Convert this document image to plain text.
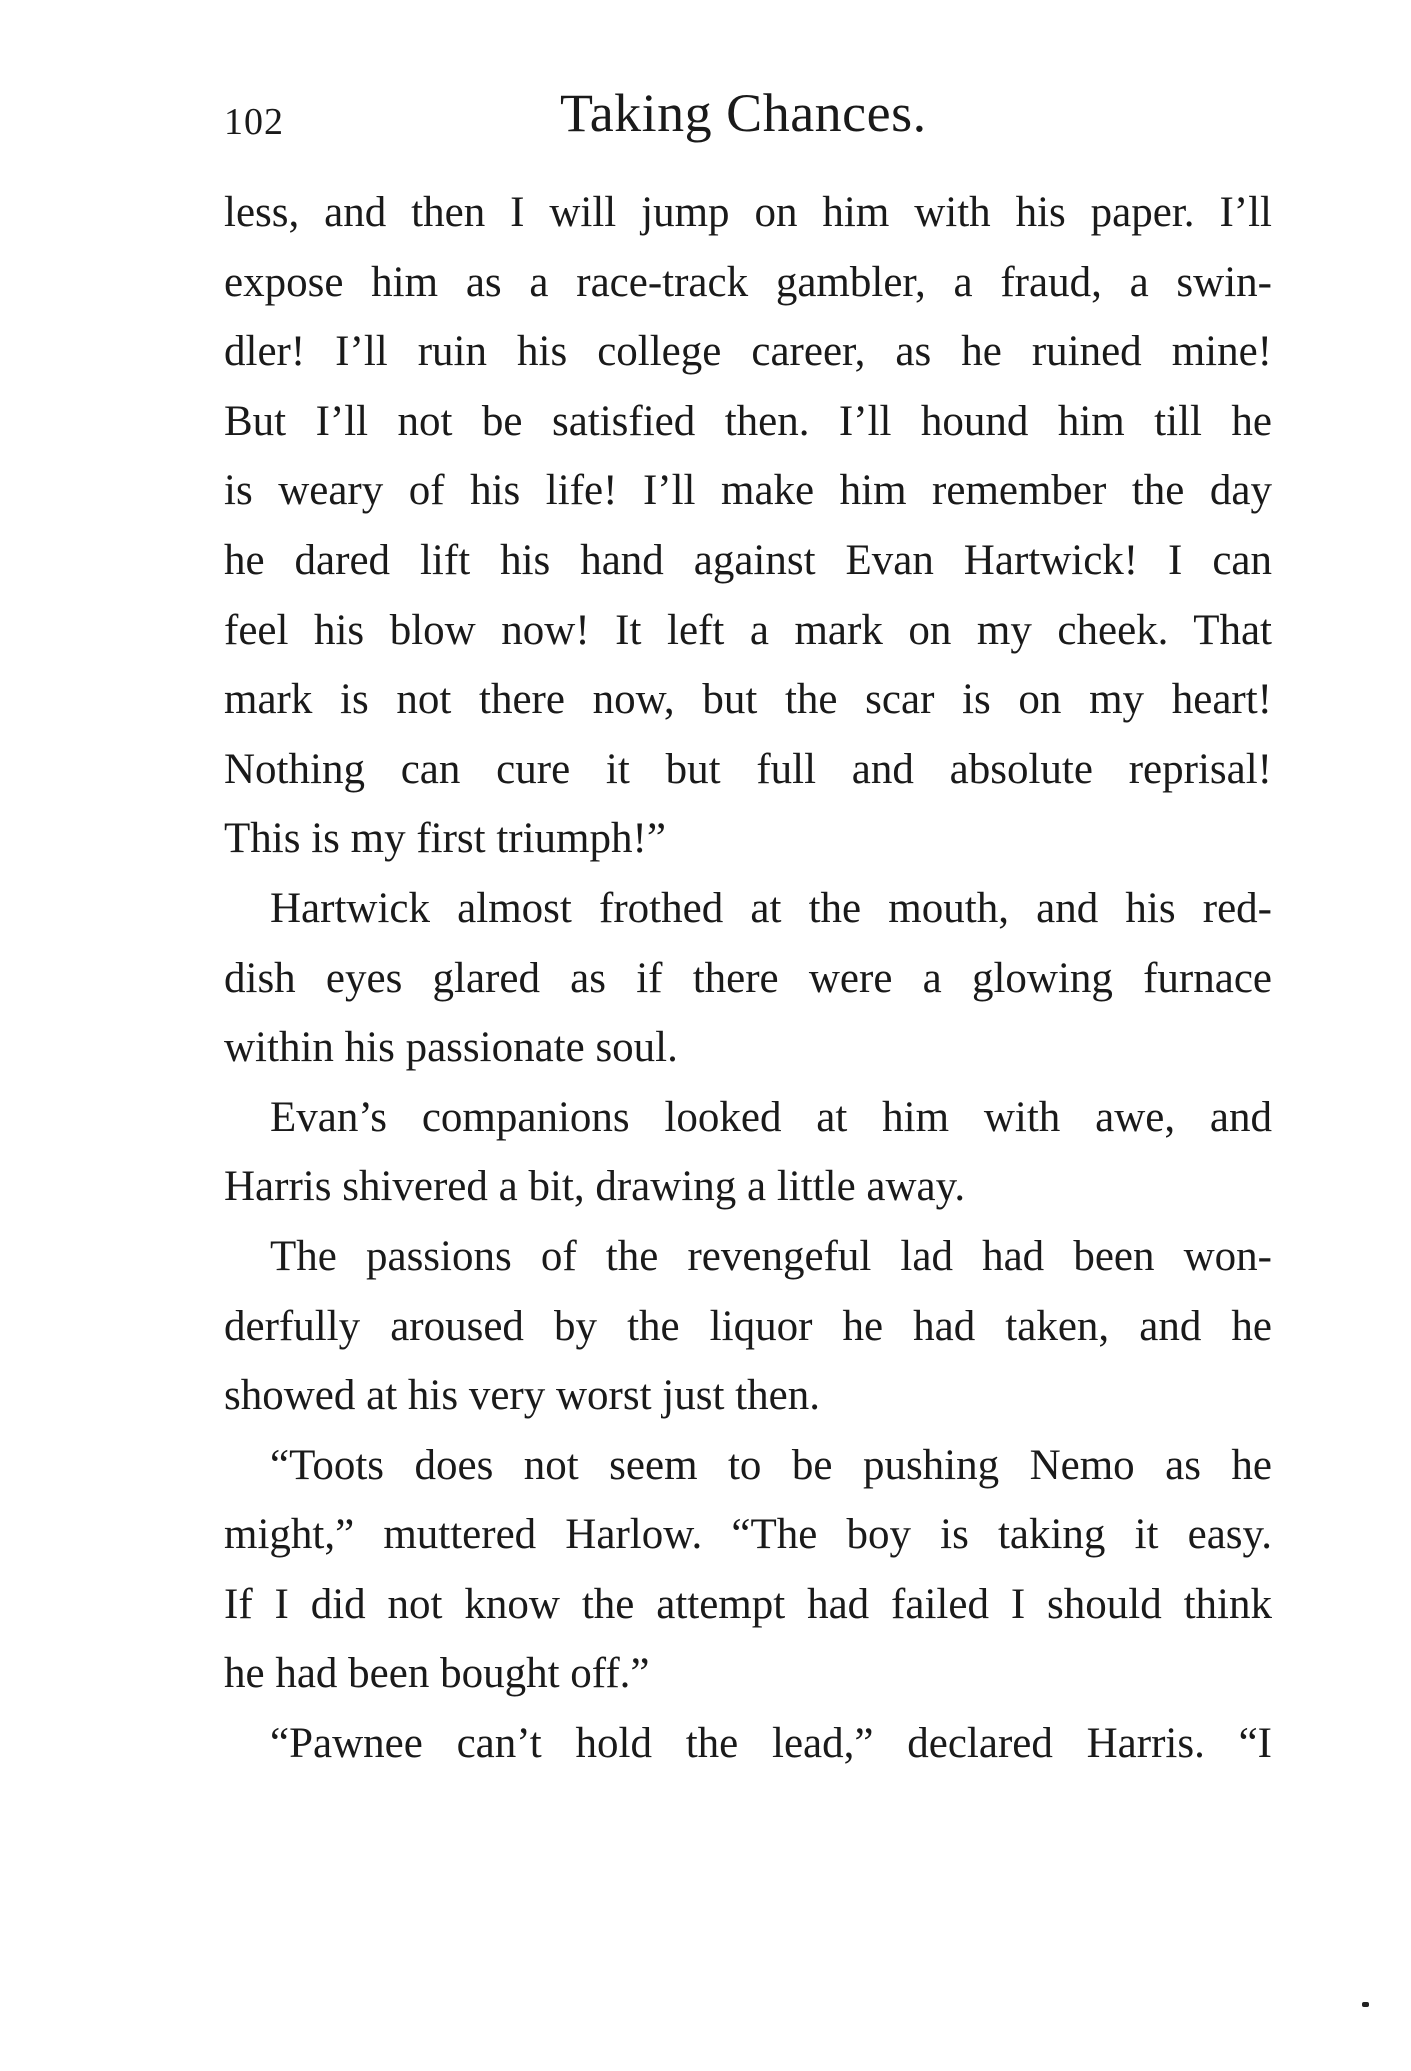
102	Taking Chances.
less, and then I will jump on him with his paper. I’ll
expose him as a race-track gambler, a fraud, a swin-
dler! I’ll ruin his college career, as he ruined mine!
But I’ll not be satisfied then. I’ll hound him till he
is weary of his life! I’ll make him remember the day
he dared lift his hand against Evan Hartwick! I can
feel his blow now! It left a mark on my cheek. That
mark is not there now, but the scar is on my heart!
Nothing can cure it but full and absolute reprisal!
This is my first triumph!”
Hartwick almost frothed at the mouth, and his red-
dish eyes glared as if there were a glowing furnace
within his passionate soul.
Evan’s companions looked at him with awe, and
Harris shivered a bit, drawing a little away.
The passions of the revengeful lad had been won-
derfully aroused by the liquor he had taken, and he
showed at his very worst just then.
“Toots does not seem to be pushing Nemo as he
might,” muttered Harlow. “The boy is taking it easy.
If I did not know the attempt had failed I should think
he had been bought off.”
“Pawnee can’t hold the lead,” declared Harris. “I
